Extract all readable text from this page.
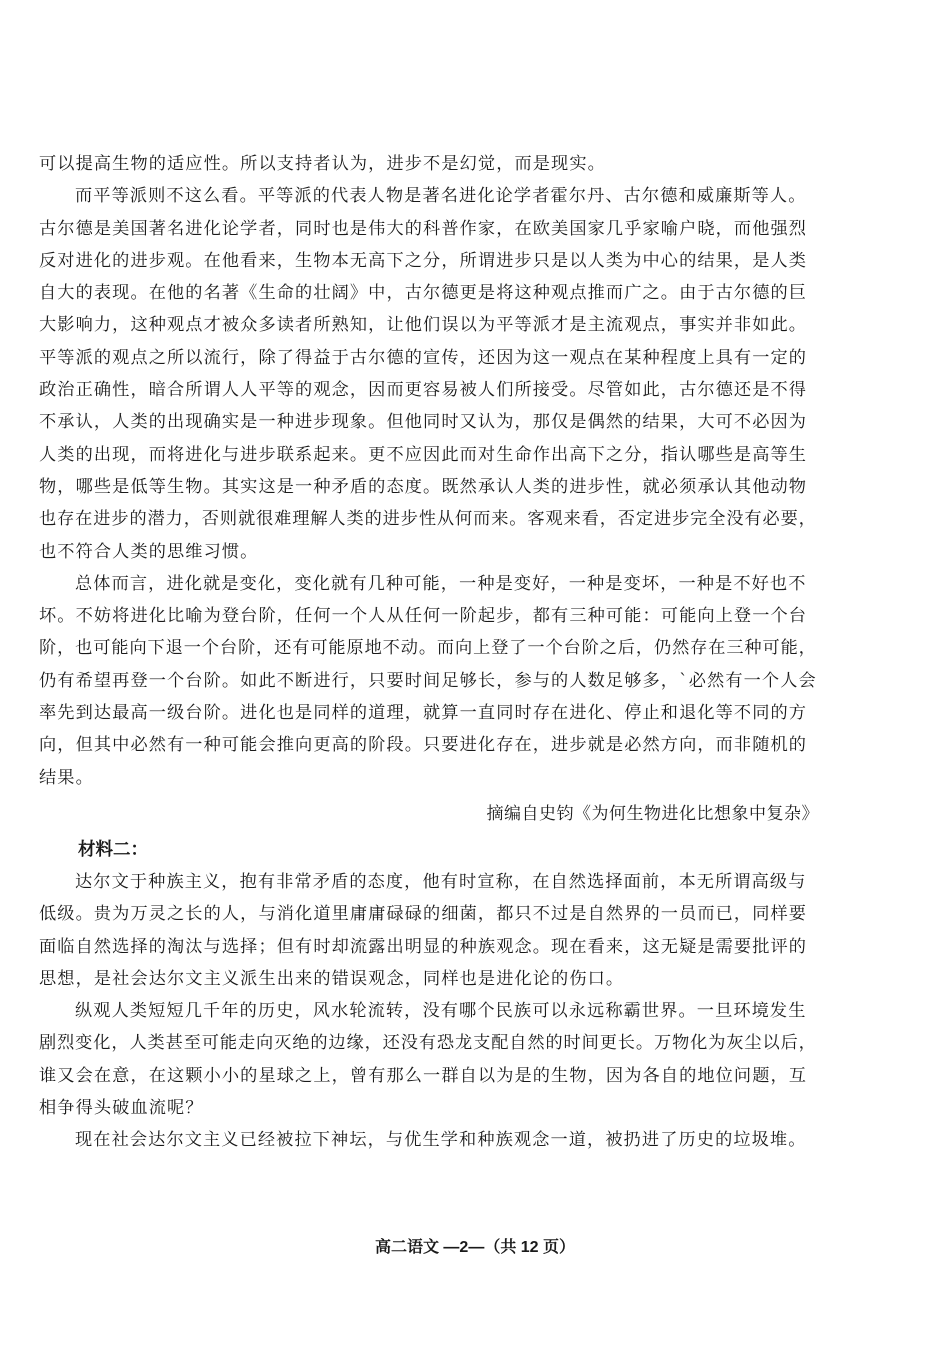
可以提高生物的适应性。所以支持者认为，进步不是幻觉，而是现实。
而平等派则不这么看。平等派的代表人物是著名进化论学者霍尔丹、古尔德和威廉斯等人。
古尔德是美国著名进化论学者，同时也是伟大的科普作家，在欧美国家几乎家喻户晓，而他强烈
反对进化的进步观。在他看来，生物本无高下之分，所谓进步只是以人类为中心的结果，是人类
自大的表现。在他的名著《生命的壮阔》中，古尔德更是将这种观点推而广之。由于古尔德的巨
大影响力，这种观点才被众多读者所熟知，让他们误以为平等派才是主流观点，事实并非如此。
平等派的观点之所以流行，除了得益于古尔德的宣传，还因为这一观点在某种程度上具有一定的
政治正确性，暗合所谓人人平等的观念，因而更容易被人们所接受。尽管如此，古尔德还是不得
不承认，人类的出现确实是一种进步现象。但他同时又认为，那仅是偶然的结果，大可不必因为
人类的出现，而将进化与进步联系起来。更不应因此而对生命作出高下之分，指认哪些是高等生
物，哪些是低等生物。其实这是一种矛盾的态度。既然承认人类的进步性，就必须承认其他动物
也存在进步的潜力，否则就很难理解人类的进步性从何而来。客观来看，否定进步完全没有必要，
也不符合人类的思维习惯。
总体而言，进化就是变化，变化就有几种可能，一种是变好，一种是变坏，一种是不好也不
坏。不妨将进化比喻为登台阶，任何一个人从任何一阶起步，都有三种可能：可能向上登一个台
阶，也可能向下退一个台阶，还有可能原地不动。而向上登了一个台阶之后，仍然存在三种可能，
仍有希望再登一个台阶。如此不断进行，只要时间足够长，参与的人数足够多，`必然有一个人会
率先到达最高一级台阶。进化也是同样的道理，就算一直同时存在进化、停止和退化等不同的方
向，但其中必然有一种可能会推向更高的阶段。只要进化存在，进步就是必然方向，而非随机的
结果。
摘编自史钧《为何生物进化比想象中复杂》
材料二：
达尔文于种族主义，抱有非常矛盾的态度，他有时宣称，在自然选择面前，本无所谓高级与
低级。贵为万灵之长的人，与消化道里庸庸碌碌的细菌，都只不过是自然界的一员而已，同样要
面临自然选择的淘汰与选择；但有时却流露出明显的种族观念。现在看来，这无疑是需要批评的
思想，是社会达尔文主义派生出来的错误观念，同样也是进化论的伤口。
纵观人类短短几千年的历史，风水轮流转，没有哪个民族可以永远称霸世界。一旦环境发生
剧烈变化，人类甚至可能走向灭绝的边缘，还没有恐龙支配自然的时间更长。万物化为灰尘以后，
谁又会在意，在这颗小小的星球之上，曾有那么一群自以为是的生物，因为各自的地位问题，互
相争得头破血流呢？
现在社会达尔文主义已经被拉下神坛，与优生学和种族观念一道，被扔进了历史的垃圾堆。
高二语文 —2—（共 12 页）
